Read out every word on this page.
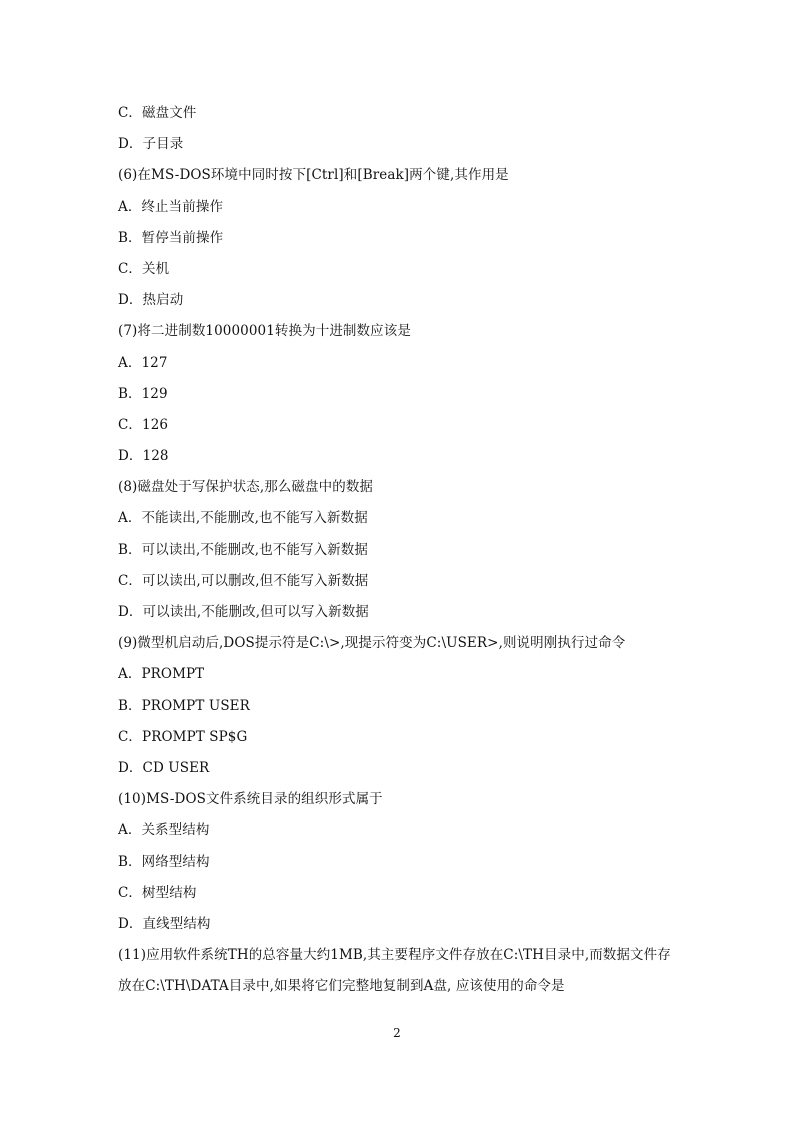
C．磁盘文件
D．子目录
(6)在MS-DOS环境中同时按下[Ctrl]和[Break]两个键,其作用是
A．终止当前操作
B．暂停当前操作
C．关机
D．热启动
(7)将二进制数10000001转换为十进制数应该是
A．127
B．129
C．126
D．128
(8)磁盘处于写保护状态,那么磁盘中的数据
A．不能读出,不能删改,也不能写入新数据
B．可以读出,不能删改,也不能写入新数据
C．可以读出,可以删改,但不能写入新数据
D．可以读出,不能删改,但可以写入新数据
(9)微型机启动后,DOS提示符是C:\>,现提示符变为C:\USER>,则说明刚执行过命令
A．PROMPT
B．PROMPT USER
C．PROMPT SP$G
D．CD USER
(10)MS-DOS文件系统目录的组织形式属于
A．关系型结构
B．网络型结构
C．树型结构
D．直线型结构
(11)应用软件系统TH的总容量大约1MB,其主要程序文件存放在C:\TH目录中,而数据文件存
放在C:\TH\DATA目录中,如果将它们完整地复制到A盘, 应该使用的命令是
2
